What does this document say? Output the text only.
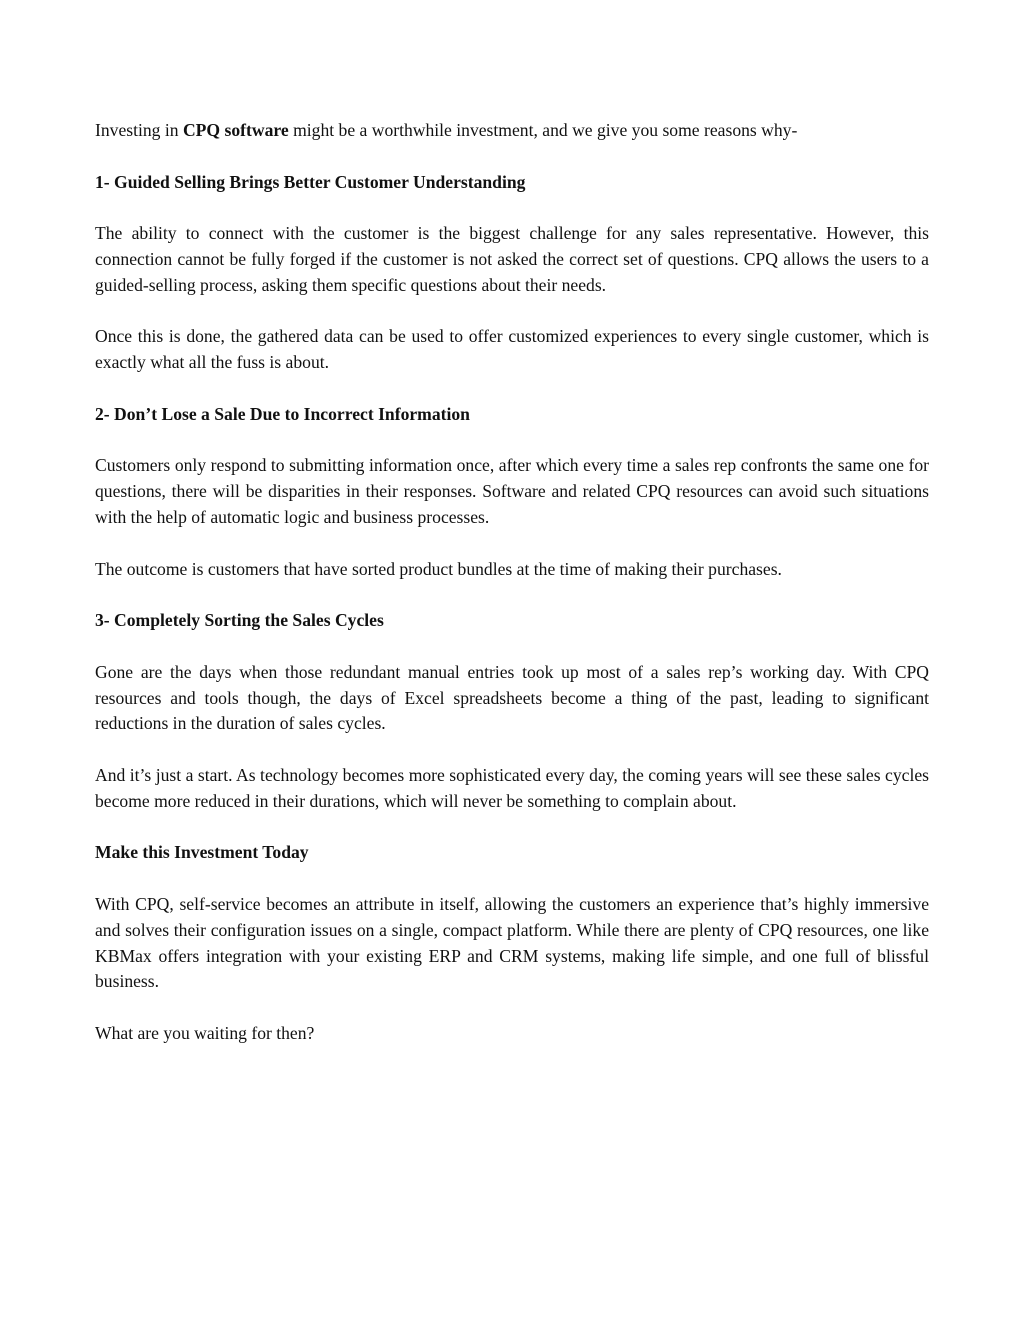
Investing in CPQ software might be a worthwhile investment, and we give you some reasons why-

1- Guided Selling Brings Better Customer Understanding

The ability to connect with the customer is the biggest challenge for any sales representative. However, this connection cannot be fully forged if the customer is not asked the correct set of questions. CPQ allows the users to a guided-selling process, asking them specific questions about their needs.

Once this is done, the gathered data can be used to offer customized experiences to every single customer, which is exactly what all the fuss is about.

2- Don’t Lose a Sale Due to Incorrect Information

Customers only respond to submitting information once, after which every time a sales rep confronts the same one for questions, there will be disparities in their responses. Software and related CPQ resources can avoid such situations with the help of automatic logic and business processes.

The outcome is customers that have sorted product bundles at the time of making their purchases.

3- Completely Sorting the Sales Cycles

Gone are the days when those redundant manual entries took up most of a sales rep’s working day. With CPQ resources and tools though, the days of Excel spreadsheets become a thing of the past, leading to significant reductions in the duration of sales cycles.

And it’s just a start. As technology becomes more sophisticated every day, the coming years will see these sales cycles become more reduced in their durations, which will never be something to complain about.

Make this Investment Today

With CPQ, self-service becomes an attribute in itself, allowing the customers an experience that’s highly immersive and solves their configuration issues on a single, compact platform. While there are plenty of CPQ resources, one like KBMax offers integration with your existing ERP and CRM systems, making life simple, and one full of blissful business.

What are you waiting for then?
